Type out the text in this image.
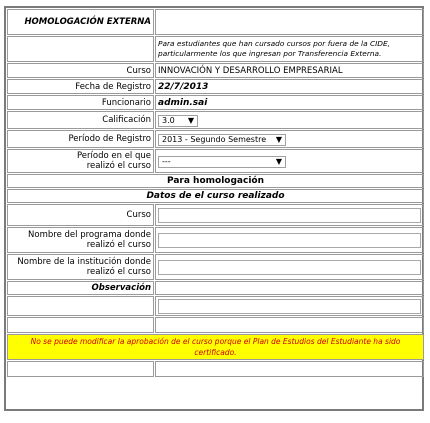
HOMOLOGACIÓN EXTERNA	
	Para estudiantes que han cursado cursos por fuera de la CIDE, particularmente los que ingresan por Transferencia Externa.
Curso	INNOVACIÓN Y DESARROLLO EMPRESARIAL
Fecha de Registro	22/7/2013
Funcionario	admin.sai
Calificación	3.0 ▼

Período de Registro	2013 - Segundo Semestre ▼

Período en el que realizó el curso	--- ▼

Para homologación	
Datos de el curso realizado	
Curso	

Nombre del programa donde realizó el curso	

Nombre de la institución donde realizó el curso	

Observación	

No se puede modificar la aprobación de el curso porque el Plan de Estudios del Estudiante ha sido certificado.	
